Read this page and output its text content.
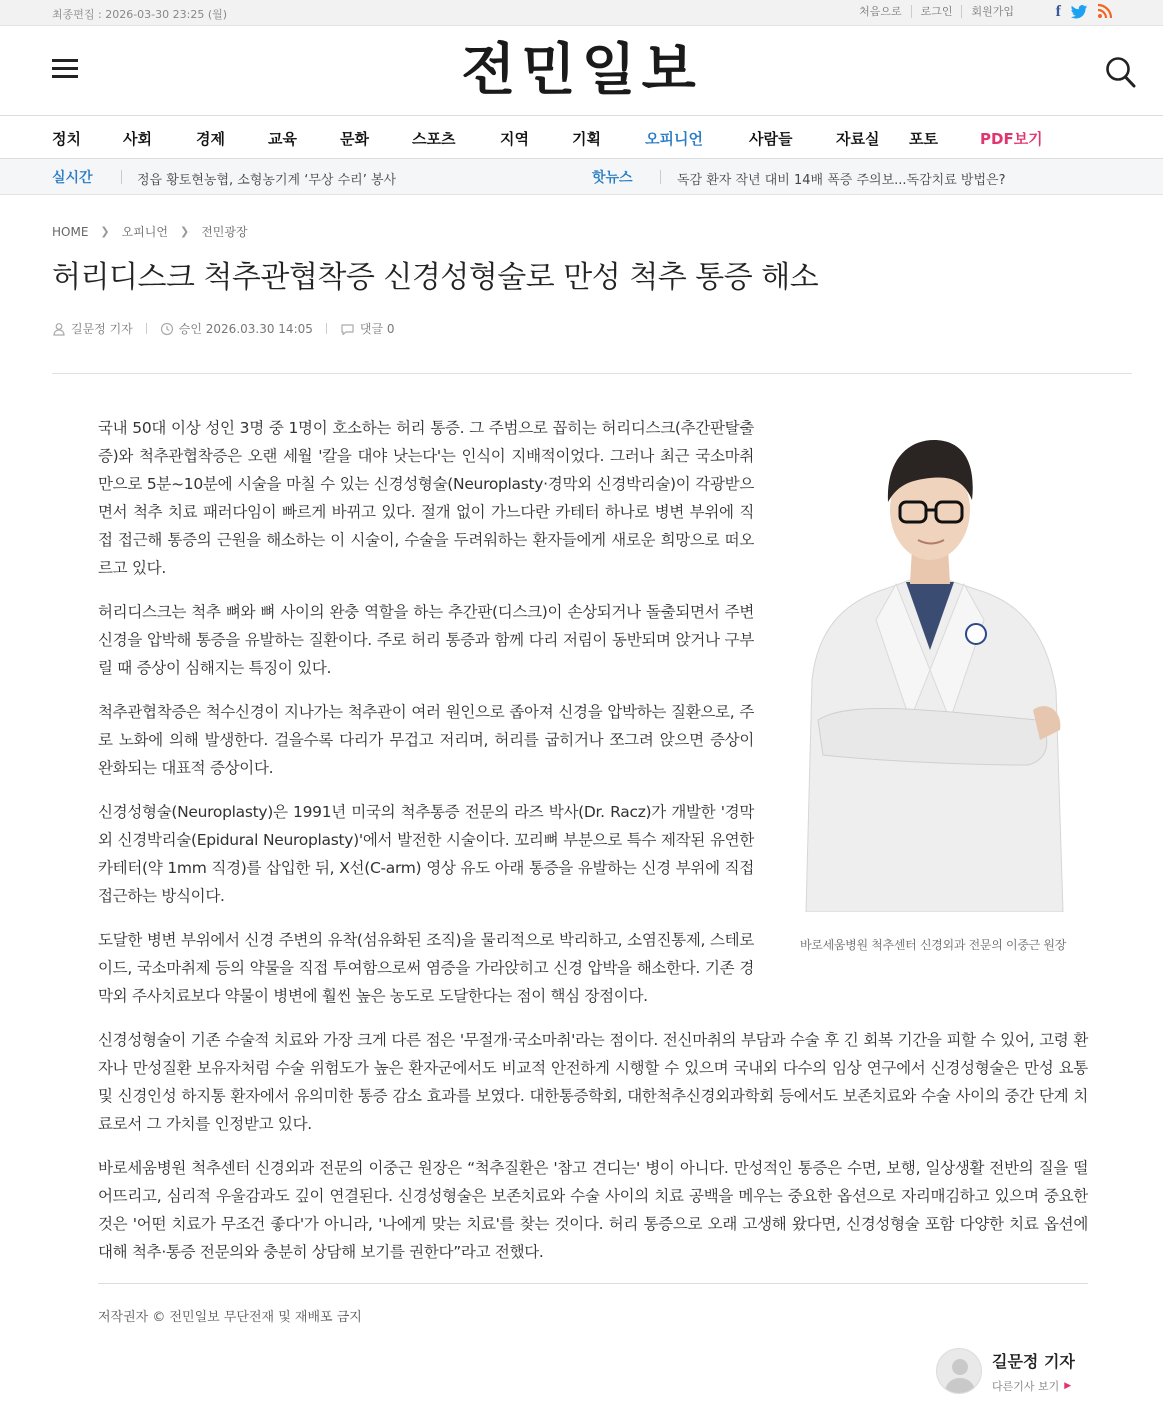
최종편집 : 2026-03-30 23:25 (월)	처음으로	로그인	회원가입	f
전민일보
정치	사회	경제	교육	문화	스포츠	지역	기획	오피니언	사람들	자료실	포토	PDF보기
실시간	정읍 황토현농협, 소형농기계 ‘무상 수리’ 봉사	핫뉴스	독감 환자 작년 대비 14배 폭증 주의보...독감치료 방법은?
HOME ❯ 오피니언 ❯ 전민광장
허리디스크 척추관협착증 신경성형술로 만성 척추 통증 해소
길문정 기자	승인 2026.03.30 14:05	댓글 0
바로세움병원 척추센터 신경외과 전문의 이중근 원장

국내 50대 이상 성인 3명 중 1명이 호소하는 허리 통증. 그 주범으로 꼽히는 허리디스크(추간판탈출증)와 척추관협착증은 오랜 세월 '칼을 대야 낫는다'는 인식이 지배적이었다. 그러나 최근 국소마취만으로 5분~10분에 시술을 마칠 수 있는 신경성형술(Neuroplasty·경막외 신경박리술)이 각광받으면서 척추 치료 패러다임이 빠르게 바뀌고 있다. 절개 없이 가느다란 카테터 하나로 병변 부위에 직접 접근해 통증의 근원을 해소하는 이 시술이, 수술을 두려워하는 환자들에게 새로운 희망으로 떠오르고 있다.

허리디스크는 척추 뼈와 뼈 사이의 완충 역할을 하는 추간판(디스크)이 손상되거나 돌출되면서 주변 신경을 압박해 통증을 유발하는 질환이다. 주로 허리 통증과 함께 다리 저림이 동반되며 앉거나 구부릴 때 증상이 심해지는 특징이 있다.

척추관협착증은 척수신경이 지나가는 척추관이 여러 원인으로 좁아져 신경을 압박하는 질환으로, 주로 노화에 의해 발생한다. 걸을수록 다리가 무겁고 저리며, 허리를 굽히거나 쪼그려 앉으면 증상이 완화되는 대표적 증상이다.

신경성형술(Neuroplasty)은 1991년 미국의 척추통증 전문의 라즈 박사(Dr. Racz)가 개발한 '경막외 신경박리술(Epidural Neuroplasty)'에서 발전한 시술이다. 꼬리뼈 부분으로 특수 제작된 유연한 카테터(약 1mm 직경)를 삽입한 뒤, X선(C-arm) 영상 유도 아래 통증을 유발하는 신경 부위에 직접 접근하는 방식이다.

도달한 병변 부위에서 신경 주변의 유착(섬유화된 조직)을 물리적으로 박리하고, 소염진통제, 스테로이드, 국소마취제 등의 약물을 직접 투여함으로써 염증을 가라앉히고 신경 압박을 해소한다. 기존 경막외 주사치료보다 약물이 병변에 훨씬 높은 농도로 도달한다는 점이 핵심 장점이다.

신경성형술이 기존 수술적 치료와 가장 크게 다른 점은 '무절개·국소마취'라는 점이다. 전신마취의 부담과 수술 후 긴 회복 기간을 피할 수 있어, 고령 환자나 만성질환 보유자처럼 수술 위험도가 높은 환자군에서도 비교적 안전하게 시행할 수 있으며 국내외 다수의 임상 연구에서 신경성형술은 만성 요통 및 신경인성 하지통 환자에서 유의미한 통증 감소 효과를 보였다. 대한통증학회, 대한척추신경외과학회 등에서도 보존치료와 수술 사이의 중간 단계 치료로서 그 가치를 인정받고 있다.

바로세움병원 척추센터 신경외과 전문의 이중근 원장은 “척추질환은 '참고 견디는' 병이 아니다. 만성적인 통증은 수면, 보행, 일상생활 전반의 질을 떨어뜨리고, 심리적 우울감과도 깊이 연결된다. 신경성형술은 보존치료와 수술 사이의 치료 공백을 메우는 중요한 옵션으로 자리매김하고 있으며 중요한 것은 '어떤 치료가 무조건 좋다'가 아니라, '나에게 맞는 치료'를 찾는 것이다. 허리 통증으로 오래 고생해 왔다면, 신경성형술 포함 다양한 치료 옵션에 대해 척추·통증 전문의와 충분히 상담해 보기를 권한다”라고 전했다.

저작권자 © 전민일보 무단전재 및 재배포 금지
길문정 기자
다른기사 보기 ▶
